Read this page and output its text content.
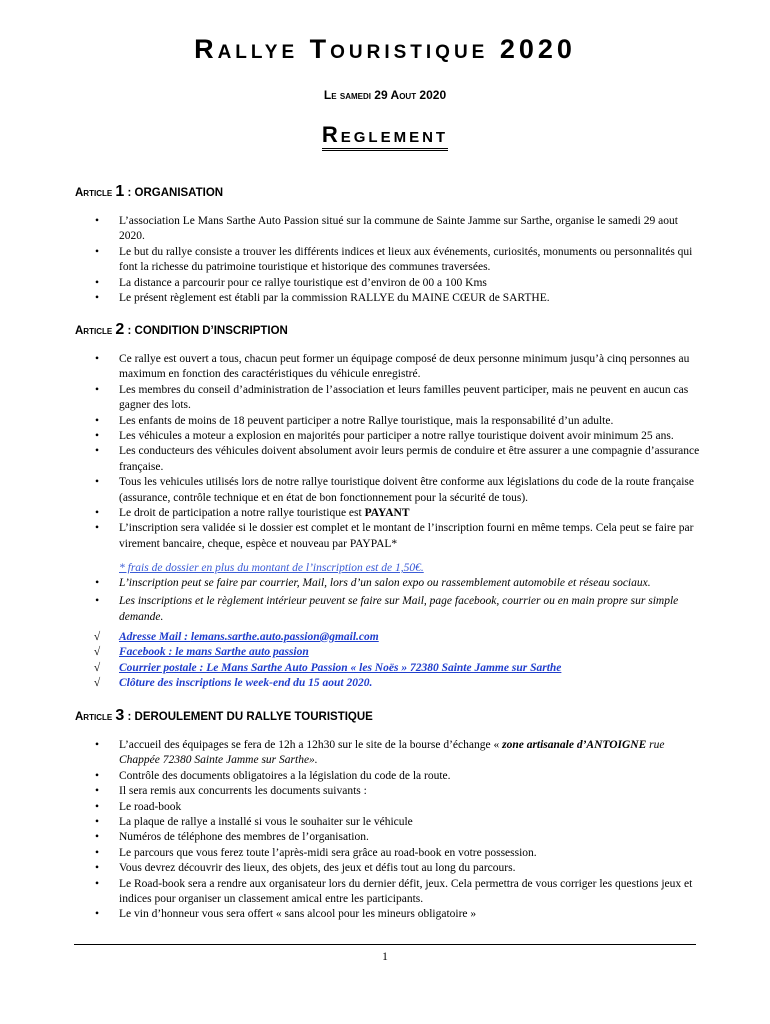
Rallye Touristique 2020
Le samedi 29 Aout 2020
Reglement
Article 1 : ORGANISATION
• L’association Le Mans Sarthe Auto Passion situé sur la commune de Sainte Jamme sur Sarthe, organise le samedi 29 aout 2020.
• Le but du rallye consiste a trouver les différents indices et lieux aux événements, curiosités, monuments ou personnalités qui font la richesse du patrimoine touristique et historique des communes traversées.
• La distance a parcourir pour ce rallye touristique est d’environ de 00 a 100 Kms
• Le présent règlement est établi par la commission RALLYE du MAINE CŒUR de SARTHE.
Article 2 : CONDITION D’INSCRIPTION
• Ce rallye est ouvert a tous, chacun peut former un équipage composé de deux personne minimum jusqu’à cinq personnes au maximum en fonction des caractéristiques du véhicule enregistré.
• Les membres du conseil d’administration de l’association et leurs familles peuvent participer, mais ne peuvent en aucun cas gagner des lots.
• Les enfants de moins de 18 peuvent participer a notre Rallye touristique, mais la responsabilité d’un adulte.
• Les véhicules a moteur a explosion en majorités pour participer a notre rallye touristique doivent avoir minimum 25 ans.
• Les conducteurs des véhicules doivent absolument avoir leurs permis de conduire et être assurer a une compagnie d’assurance française.
• Tous les vehicules utilisés lors de notre rallye touristique doivent être conforme aux législations du code de la route française (assurance, contrôle technique et en état de bon fonctionnement pour la sécurité de tous).
• Le droit de participation a notre rallye touristique est PAYANT
• L’inscription sera validée si le dossier est complet et le montant de l’inscription fourni en même temps. Cela peut se faire par virement bancaire, cheque, espèce et nouveau par PAYPAL*
* frais de dossier en plus du montant de l’inscription est de 1,50€.
• L’inscription peut se faire par courrier, Mail, lors d’un salon expo ou rassemblement automobile et réseau sociaux.
• Les inscriptions et le règlement intérieur peuvent se faire sur Mail, page facebook, courrier ou en main propre sur simple demande.
√ Adresse Mail : lemans.sarthe.auto.passion@gmail.com
√ Facebook : le mans Sarthe auto passion
√ Courrier postale : Le Mans Sarthe Auto Passion « les Noës » 72380 Sainte Jamme sur Sarthe
√ Clôture des inscriptions le week-end du 15 aout 2020.
Article 3 : DEROULEMENT DU RALLYE TOURISTIQUE
• L’accueil des équipages se fera de 12h a 12h30 sur le site de la bourse d’échange « zone artisanale d’ANTOIGNE rue Chappée 72380 Sainte Jamme sur Sarthe».
• Contrôle des documents obligatoires a la législation du code de la route.
• Il sera remis aux concurrents les documents suivants :
• Le road-book
• La plaque de rallye a installé si vous le souhaiter sur le véhicule
• Numéros de téléphone des membres de l’organisation.
• Le parcours que vous ferez toute l’après-midi sera grâce au road-book en votre possession.
• Vous devrez découvrir des lieux, des objets, des jeux et défis tout au long du parcours.
• Le Road-book sera a rendre aux organisateur lors du dernier défit, jeux. Cela permettra de vous corriger les questions jeux et indices pour organiser un classement amical entre les participants.
• Le vin d’honneur vous sera offert « sans alcool pour les mineurs obligatoire »
1
